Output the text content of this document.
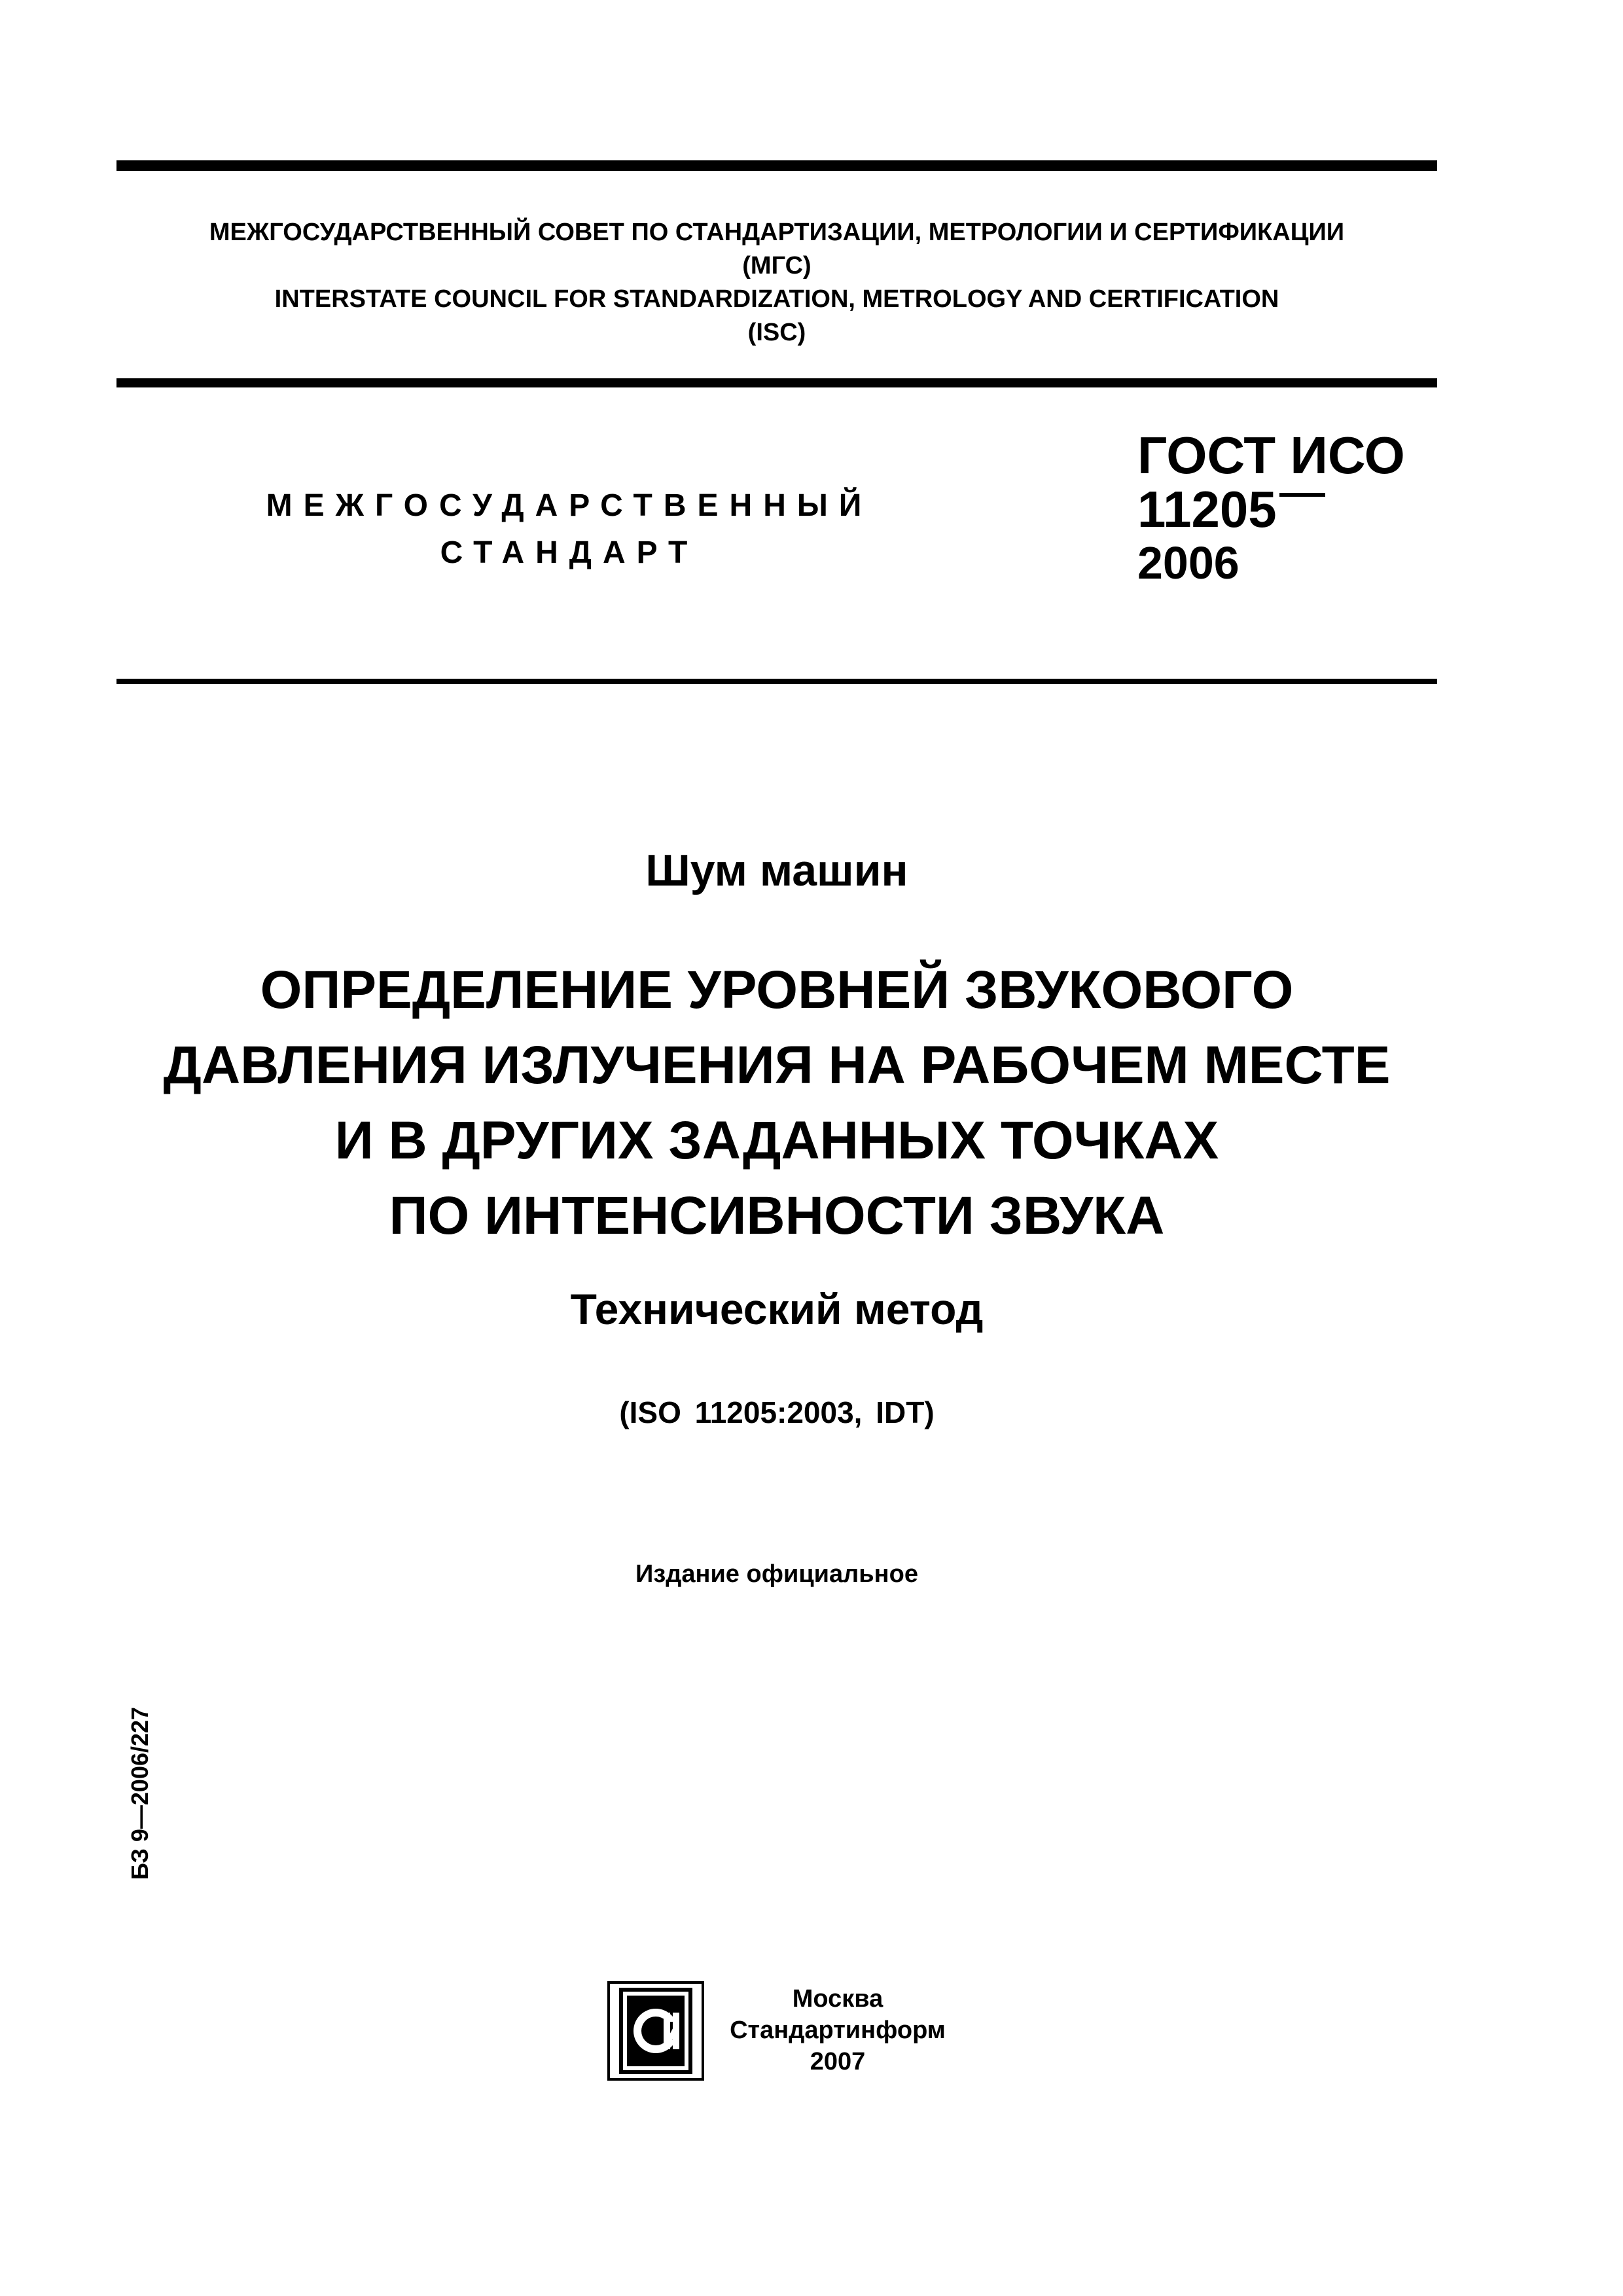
МЕЖГОСУДАРСТВЕННЫЙ СОВЕТ ПО СТАНДАРТИЗАЦИИ, МЕТРОЛОГИИ И СЕРТИФИКАЦИИ
(МГС)
INTERSTATE COUNCIL FOR STANDARDIZATION, METROLOGY AND CERTIFICATION
(ISC)
МЕЖГОСУДАРСТВЕННЫЙ
СТАНДАРТ
ГОСТ ИСО
11205
2006
Шум машин
ОПРЕДЕЛЕНИЕ УРОВНЕЙ ЗВУКОВОГО
ДАВЛЕНИЯ ИЗЛУЧЕНИЯ НА РАБОЧЕМ МЕСТЕ
И В ДРУГИХ ЗАДАННЫХ ТОЧКАХ
ПО ИНТЕНСИВНОСТИ ЗВУКА
Технический метод
(ISO 11205:2003, IDT)
Издание официальное
БЗ 9—2006/227
Москва
Стандартинформ
2007
